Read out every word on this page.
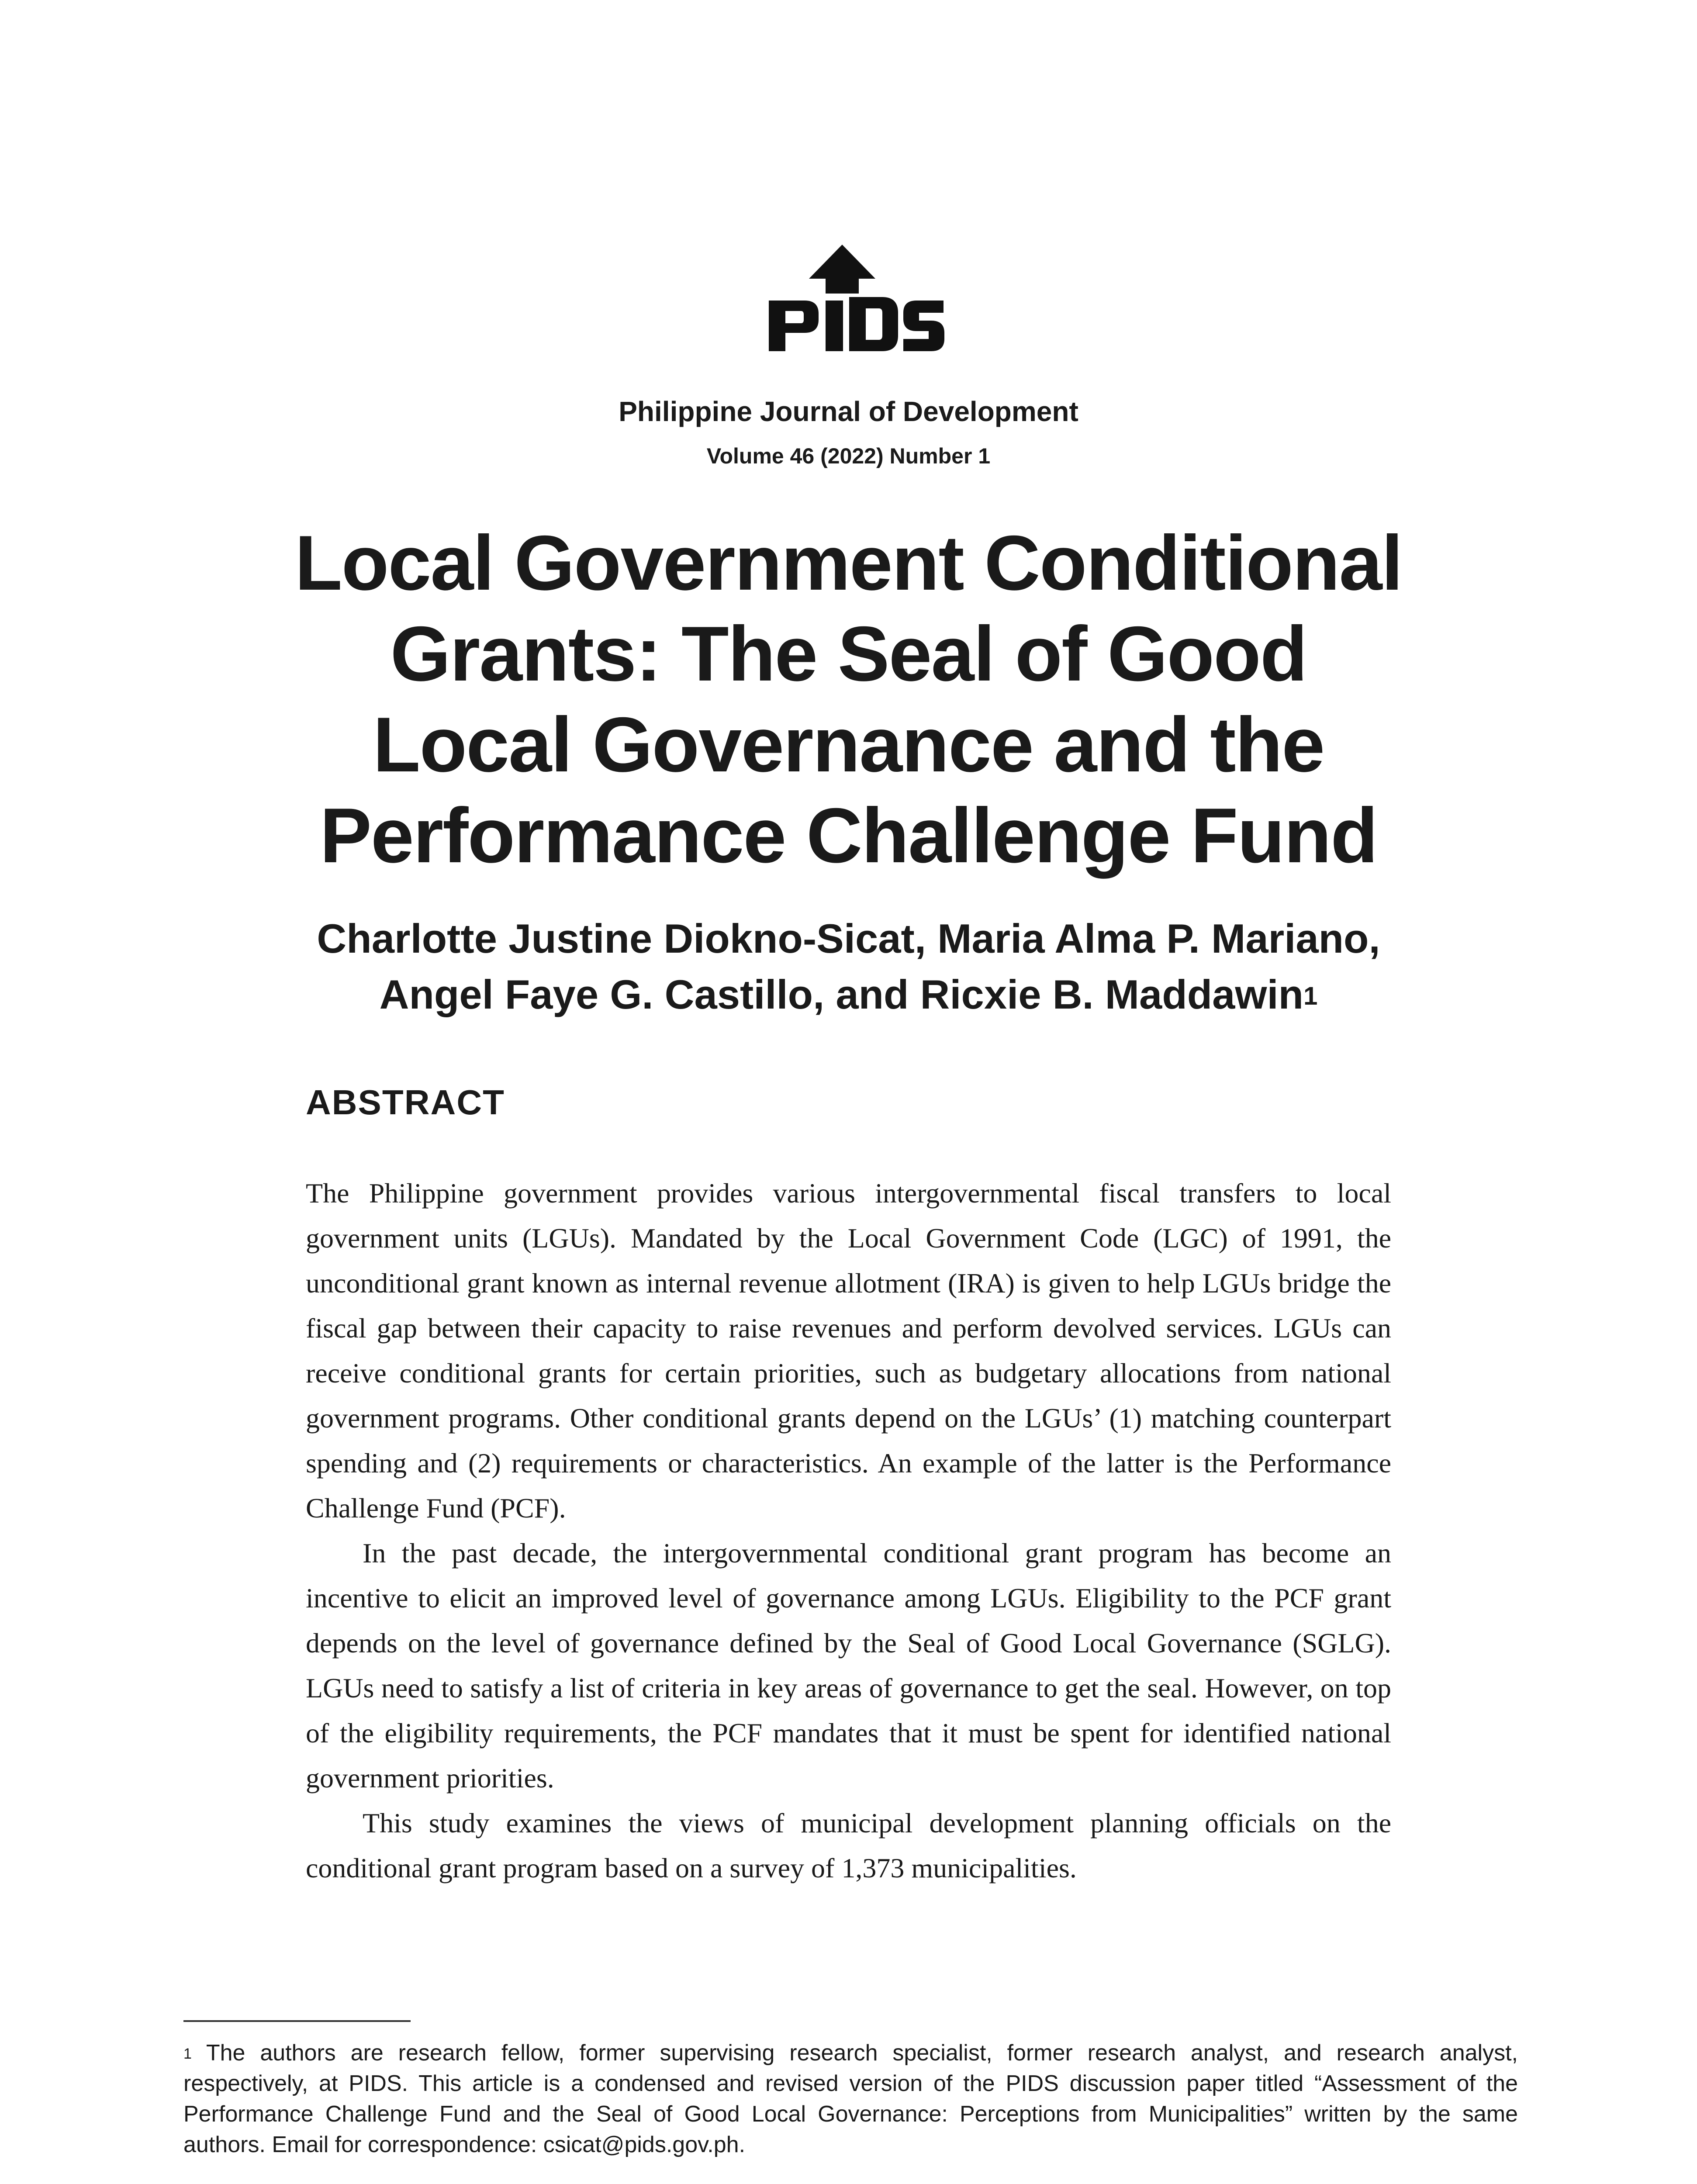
PIDS
Philippine Journal of Development
Volume 46 (2022) Number 1
Local Government Conditional
Grants: The Seal of Good
Local Governance and the
Performance Challenge Fund
Charlotte Justine Diokno-Sicat, Maria Alma P. Mariano,
Angel Faye G. Castillo, and Ricxie B. Maddawin$^1$
ABSTRACT

The Philippine government provides various intergovernmental fiscal transfers to local government units (LGUs). Mandated by the Local Government Code (LGC) of 1991, the unconditional grant known as internal revenue allotment (IRA) is given to help LGUs bridge the fiscal gap between their capacity to raise revenues and perform devolved services. LGUs can receive conditional grants for certain priorities, such as budgetary allocations from national government programs. Other conditional grants depend on the LGUs’ (1) matching counterpart spending and (2) requirements or characteristics. An example of the latter is the Performance Challenge Fund (PCF).

In the past decade, the intergovernmental conditional grant program has become an incentive to elicit an improved level of governance among LGUs. Eligibility to the PCF grant depends on the level of governance defined by the Seal of Good Local Governance (SGLG). LGUs need to satisfy a list of criteria in key areas of governance to get the seal. However, on top of the eligibility requirements, the PCF mandates that it must be spent for identified national government priorities.

This study examines the views of municipal development planning officials on the conditional grant program based on a survey of 1,373 municipalities.

$^1$ The authors are research fellow, former supervising research specialist, former research analyst, and research analyst, respectively, at PIDS. This article is a condensed and revised version of the PIDS discussion paper titled “Assessment of the Performance Challenge Fund and the Seal of Good Local Governance: Perceptions from Municipalities” written by the same authors. Email for correspondence: csicat@pids.gov.ph.
